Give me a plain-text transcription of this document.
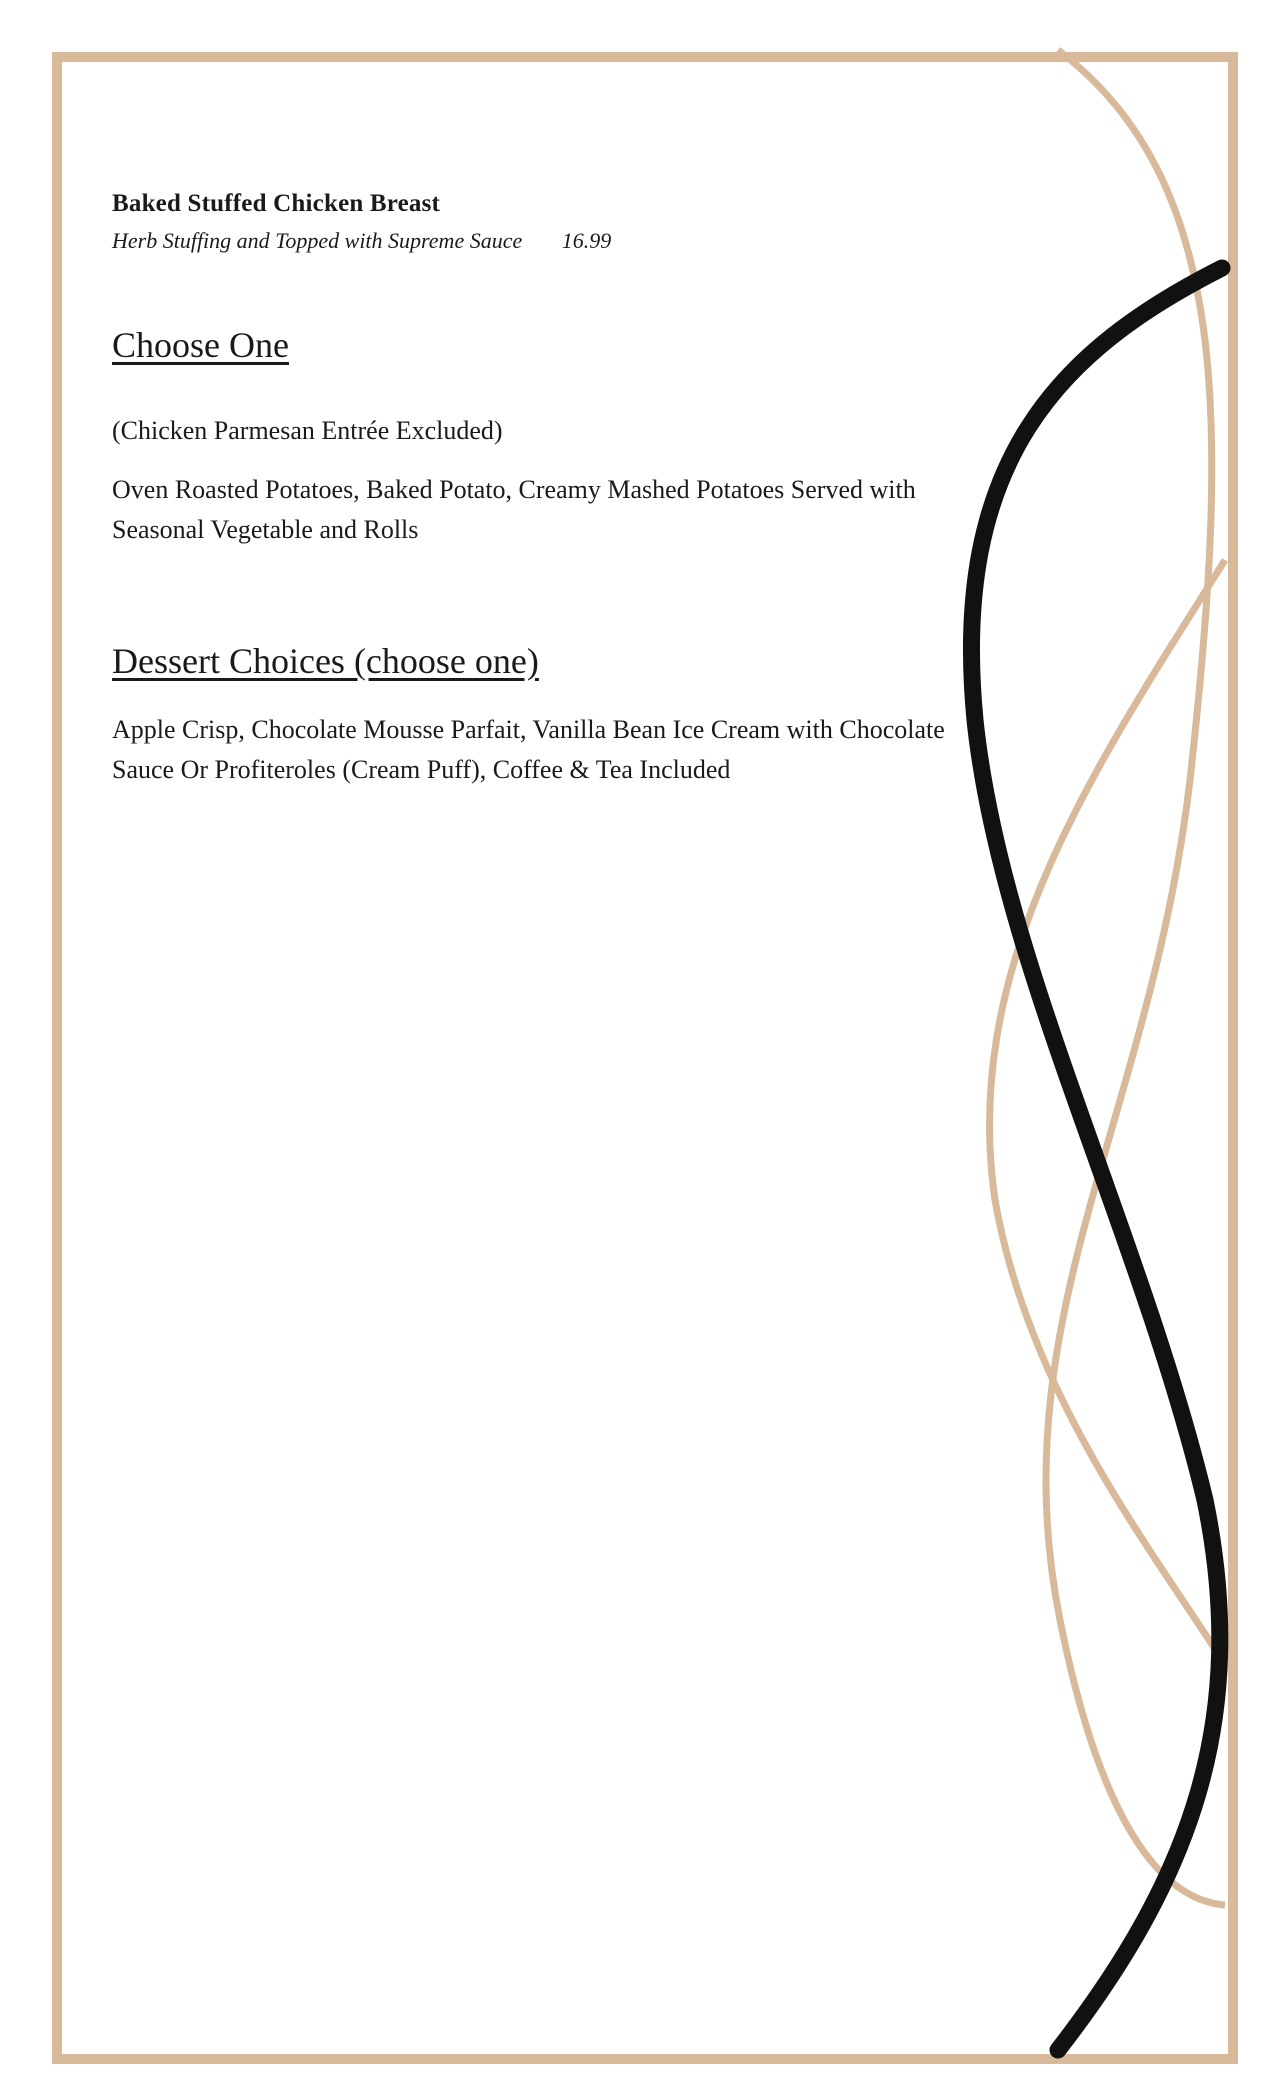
Baked Stuffed Chicken Breast

Herb Stuffing and Topped with Supreme Sauce 16.99
Choose One
(Chicken Parmesan Entrée Excluded)
Oven Roasted Potatoes, Baked Potato, Creamy Mashed Potatoes Served with Seasonal Vegetable and Rolls
Dessert Choices (choose one)
Apple Crisp, Chocolate Mousse Parfait, Vanilla Bean Ice Cream with Chocolate Sauce Or Profiteroles (Cream Puff), Coffee & Tea Included
